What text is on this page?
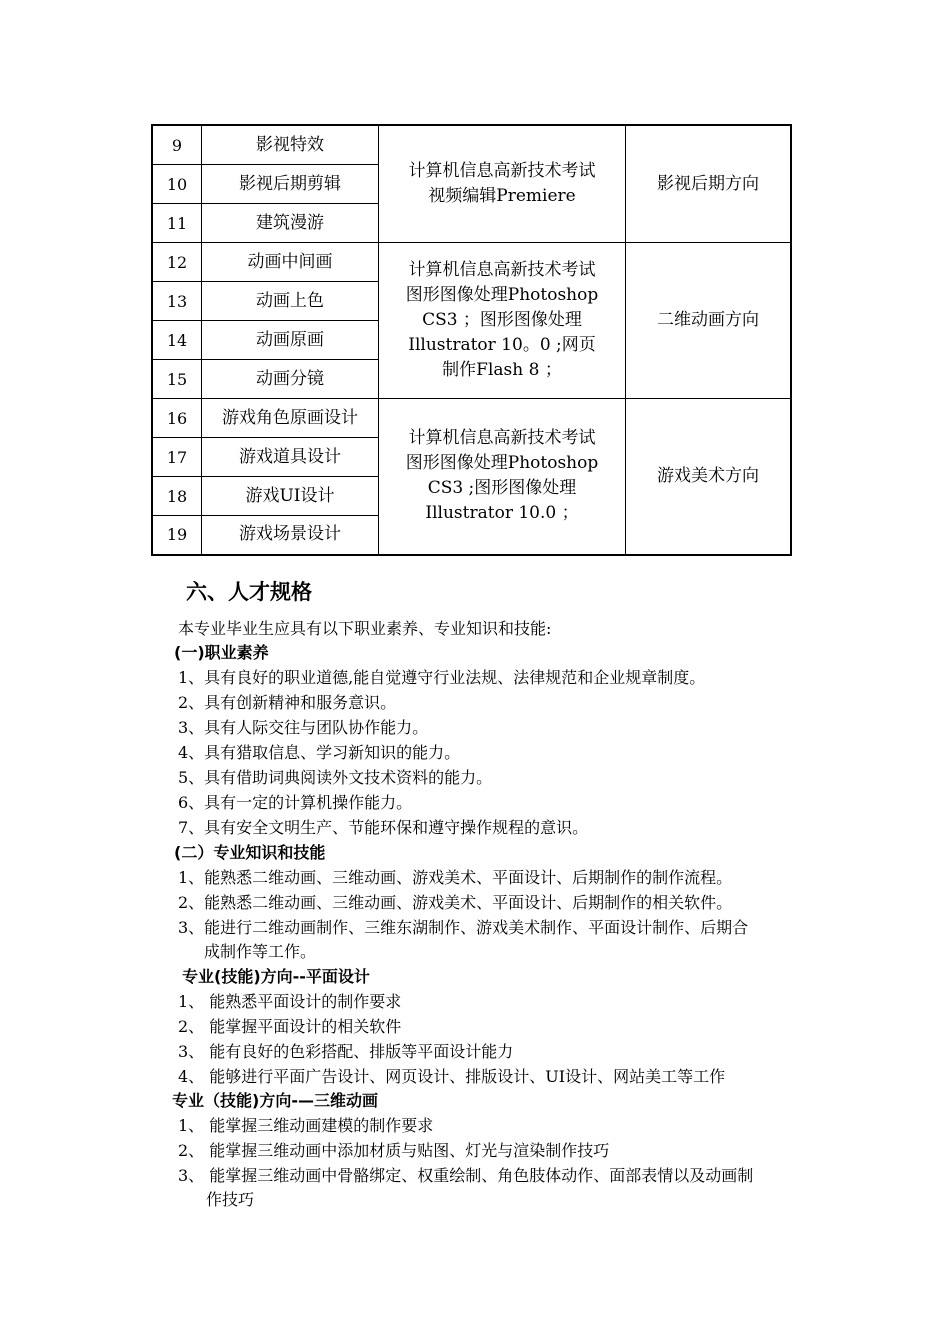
9	影视特效	计算机信息高新技术考试
视频编辑Premiere	影视后期方向
10	影视后期剪辑		
11	建筑漫游		
12	动画中间画	计算机信息高新技术考试
图形图像处理Photoshop
CS3 ；图形图像处理
Illustrator 10。0 ;网页
制作Flash 8 ；	二维动画方向
13	动画上色		
14	动画原画		
15	动画分镜		
16	游戏角色原画设计	计算机信息高新技术考试
图形图像处理Photoshop
CS3 ;图形图像处理
Illustrator 10.0 ；	游戏美术方向
17	游戏道具设计		
18	游戏UI设计		
19	游戏场景设计		
六、人才规格
本专业毕业生应具有以下职业素养、专业知识和技能:
(一)职业素养
1、具有良好的职业道德,能自觉遵守行业法规、法律规范和企业规章制度。
2、具有创新精神和服务意识。
3、具有人际交往与团队协作能力。
4、具有猎取信息、学习新知识的能力。
5、具有借助词典阅读外文技术资料的能力。
6、具有一定的计算机操作能力。
7、具有安全文明生产、节能环保和遵守操作规程的意识。
(二）专业知识和技能
1、能熟悉二维动画、三维动画、游戏美术、平面设计、后期制作的制作流程。
2、能熟悉二维动画、三维动画、游戏美术、平面设计、后期制作的相关软件。
3、能进行二维动画制作、三维东湖制作、游戏美术制作、平面设计制作、后期合
成制作等工作。
专业(技能)方向--平面设计
1、 能熟悉平面设计的制作要求
2、 能掌握平面设计的相关软件
3、 能有良好的色彩搭配、排版等平面设计能力
4、 能够进行平面广告设计、网页设计、排版设计、UI设计、网站美工等工作
专业（技能)方向-—三维动画
1、 能掌握三维动画建模的制作要求
2、 能掌握三维动画中添加材质与贴图、灯光与渲染制作技巧
3、 能掌握三维动画中骨骼绑定、权重绘制、角色肢体动作、面部表情以及动画制
作技巧
